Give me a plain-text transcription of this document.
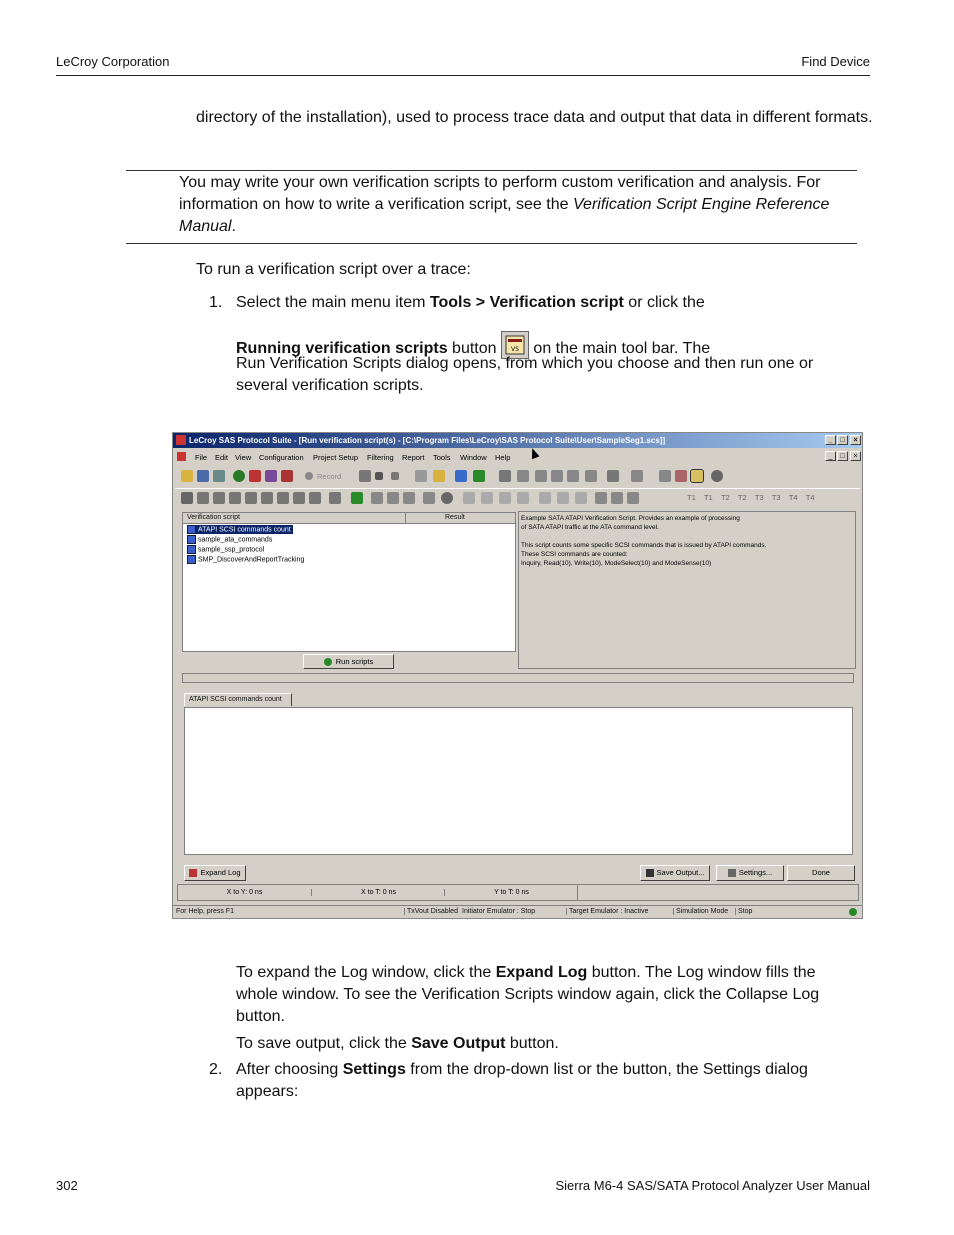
LeCroy Corporation	Find Device
directory of the installation), used to process trace data and output that data in different formats.
You may write your own verification scripts to perform custom verification and analysis. For
information on how to write a verification script, see the Verification Script Engine Reference
Manual.
To run a verification script over a trace:
1. Select the main menu item Tools > Verification script or click the
Running verification scripts button VS on the main tool bar. The
Run Verification Scripts dialog opens, from which you choose and then run one or
several verification scripts.
LeCroy SAS Protocol Suite - [Run verification script(s) - [C:\Program Files\LeCroy\SAS Protocol Suite\User\SampleSeg1.scs]]	_	□	×
File Edit View Configuration Project Setup Filtering Report Tools Window Help	_	□	×
Record
T1 T1 T2 T2 T3 T3 T4 T4
Verification script	Result
ATAPI SCSI commands count
sample_ata_commands
sample_ssp_protocol
SMP_DiscoverAndReportTracking
Example SATA ATAPI Verification Script. Provides an example of processing
of SATA ATAPI traffic at the ATA command level.
This script counts some specific SCSI commands that is issued by ATAPI commands.
These SCSI commands are counted:
Inquiry, Read(10), Write(10), ModeSelect(10) and ModeSense(10)
Run scripts
ATAPI SCSI commands count
Expand Log	Save Output...	Settings...	Done
X to Y: 0 ns	X to T: 0 ns	Y to T: 0 ns
For Help, press F1	TxVout Disabled Initiator Emulator : Stop	Target Emulator : Inactive	Simulation Mode	Stop
To expand the Log window, click the Expand Log button. The Log window fills the
whole window. To see the Verification Scripts window again, click the Collapse Log
button.
To save output, click the Save Output button.
2. After choosing Settings from the drop-down list or the button, the Settings dialog
appears:
302	Sierra M6-4 SAS/SATA Protocol Analyzer User Manual
